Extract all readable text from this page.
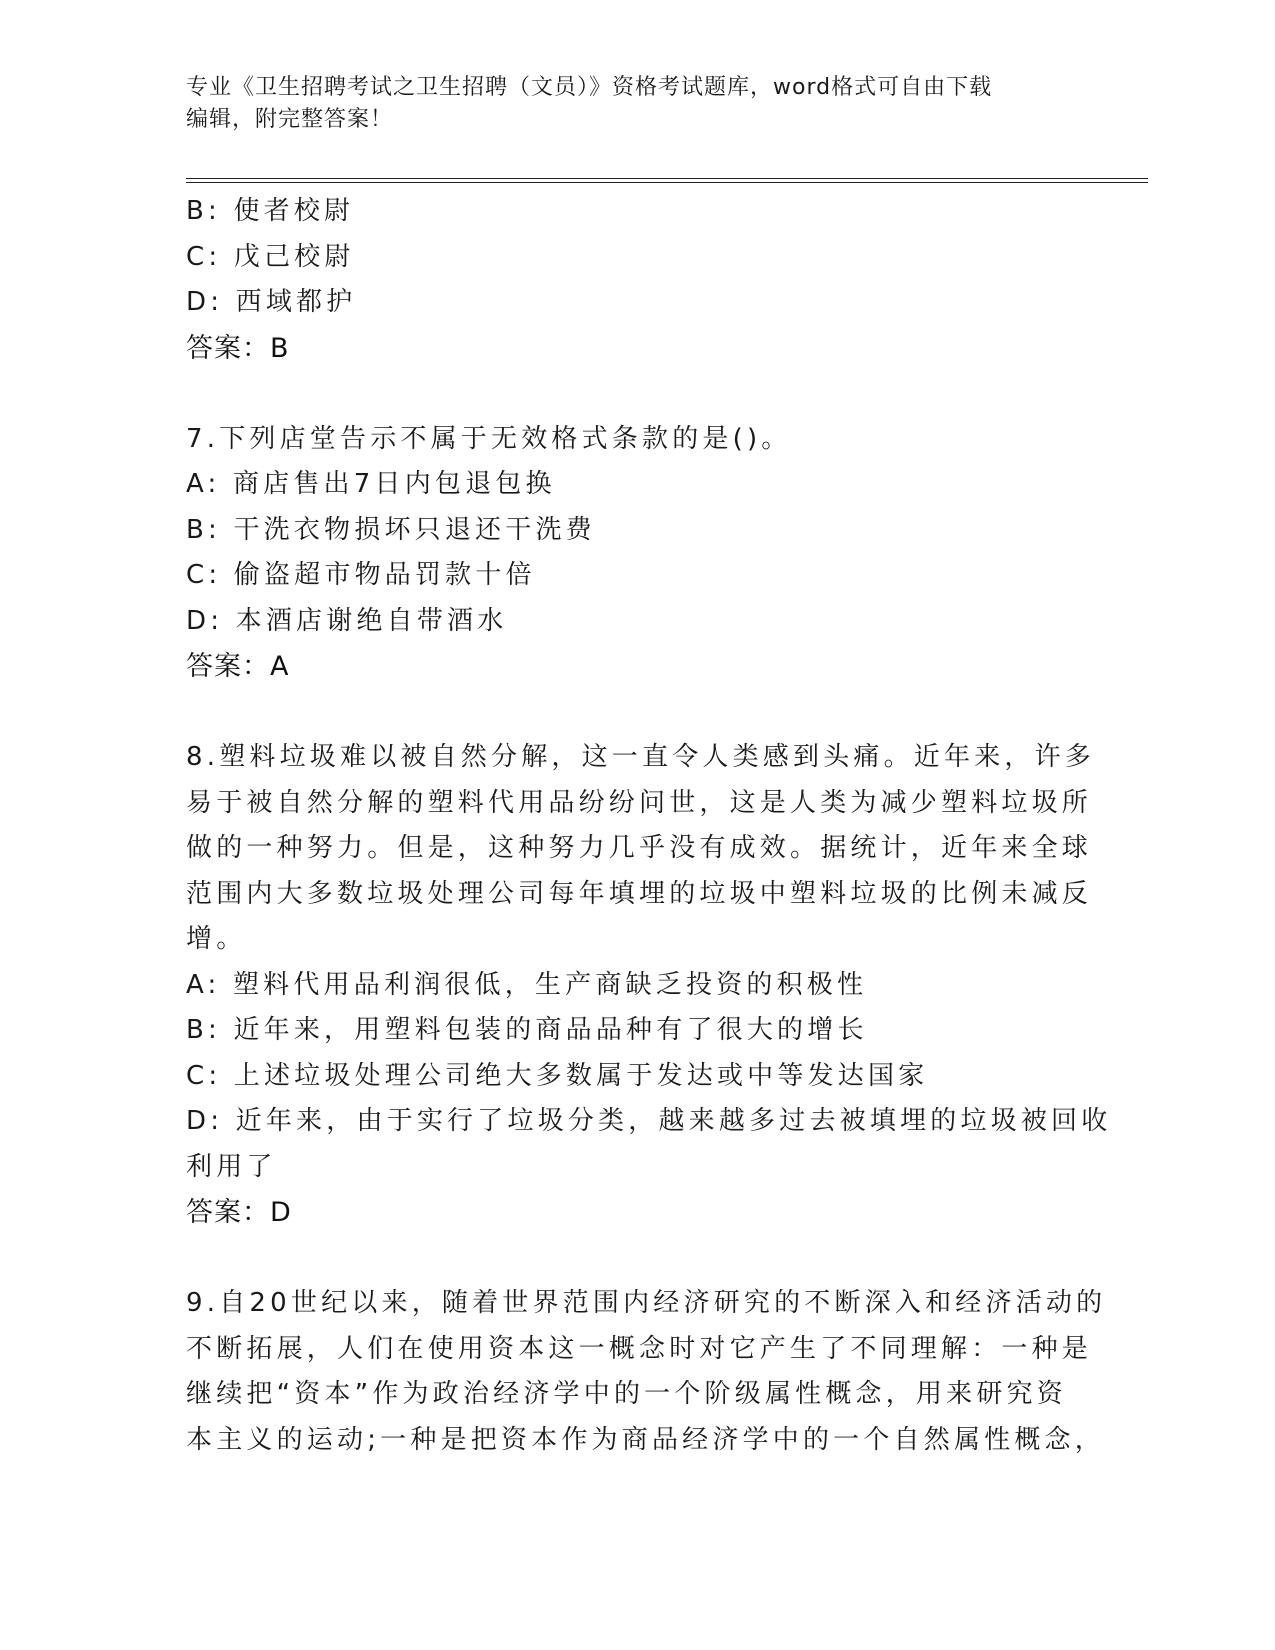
专业《卫生招聘考试之卫生招聘（文员）》资格考试题库，word格式可自由下载
编辑，附完整答案！
B: 使者校尉
C: 戊己校尉
D: 西域都护
答案：B
7.下列店堂告示不属于无效格式条款的是()。
A: 商店售出7日内包退包换
B: 干洗衣物损坏只退还干洗费
C: 偷盗超市物品罚款十倍
D: 本酒店谢绝自带酒水
答案：A
8.塑料垃圾难以被自然分解，这一直令人类感到头痛。近年来，许多
易于被自然分解的塑料代用品纷纷问世，这是人类为减少塑料垃圾所
做的一种努力。但是，这种努力几乎没有成效。据统计，近年来全球
范围内大多数垃圾处理公司每年填埋的垃圾中塑料垃圾的比例未减反
增。
A: 塑料代用品利润很低，生产商缺乏投资的积极性
B: 近年来，用塑料包装的商品品种有了很大的增长
C: 上述垃圾处理公司绝大多数属于发达或中等发达国家
D: 近年来，由于实行了垃圾分类，越来越多过去被填埋的垃圾被回收
利用了
答案：D
9.自20世纪以来，随着世界范围内经济研究的不断深入和经济活动的
不断拓展，人们在使用资本这一概念时对它产生了不同理解：一种是
继续把“资本”作为政治经济学中的一个阶级属性概念，用来研究资
本主义的运动;一种是把资本作为商品经济学中的一个自然属性概念，
